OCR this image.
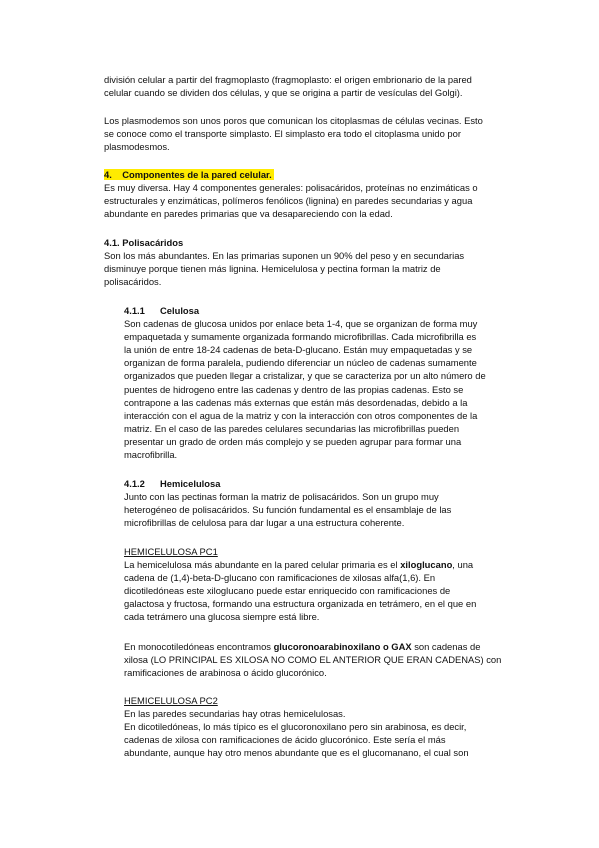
división celular a partir del fragmoplasto (fragmoplasto: el origen embrionario de la pared
celular cuando se dividen dos células, y que se origina a partir de vesículas del Golgi).
Los plasmodemos son unos poros que comunican los citoplasmas de células vecinas. Esto
se conoce como el transporte simplasto. El simplasto era todo el citoplasma unido por
plasmodesmos.
4. Componentes de la pared celular.
Es muy diversa. Hay 4 componentes generales: polisacáridos, proteínas no enzimáticas o
estructurales y enzimáticas, polímeros fenólicos (lignina) en paredes secundarias y agua
abundante en paredes primarias que va desapareciendo con la edad.
4.1. Polisacáridos
Son los más abundantes. En las primarias suponen un 90% del peso y en secundarias
disminuye porque tienen más lignina. Hemicelulosa y pectina forman la matriz de
polisacáridos.
4.1.1 Celulosa
Son cadenas de glucosa unidos por enlace beta 1-4, que se organizan de forma muy
empaquetada y sumamente organizada formando microfibrillas. Cada microfibrilla es
la unión de entre 18-24 cadenas de beta-D-glucano. Están muy empaquetadas y se
organizan de forma paralela, pudiendo diferenciar un núcleo de cadenas sumamente
organizados que pueden llegar a cristalizar, y que se caracteriza por un alto número de
puentes de hidrogeno entre las cadenas y dentro de las propias cadenas. Esto se
contrapone a las cadenas más externas que están más desordenadas, debido a la
interacción con el agua de la matriz y con la interacción con otros componentes de la
matriz. En el caso de las paredes celulares secundarias las microfibrillas pueden
presentar un grado de orden más complejo y se pueden agrupar para formar una
macrofibrilla.
4.1.2 Hemicelulosa
Junto con las pectinas forman la matriz de polisacáridos. Son un grupo muy
heterogéneo de polisacáridos. Su función fundamental es el ensamblaje de las
microfibrillas de celulosa para dar lugar a una estructura coherente.
HEMICELULOSA PC1
La hemicelulosa más abundante en la pared celular primaria es el xiloglucano, una
cadena de (1,4)-beta-D-glucano con ramificaciones de xilosas alfa(1,6). En
dicotiledóneas este xiloglucano puede estar enriquecido con ramificaciones de
galactosa y fructosa, formando una estructura organizada en tetrámero, en el que en
cada tetrámero una glucosa siempre está libre.
En monocotiledóneas encontramos glucoronoarabinoxilano o GAX son cadenas de
xilosa (LO PRINCIPAL ES XILOSA NO COMO EL ANTERIOR QUE ERAN CADENAS) con
ramificaciones de arabinosa o ácido glucorónico.
HEMICELULOSA PC2
En las paredes secundarias hay otras hemicelulosas.
En dicotiledóneas, lo más típico es el glucoronoxilano pero sin arabinosa, es decir,
cadenas de xilosa con ramificaciones de ácido glucorónico. Este sería el más
abundante, aunque hay otro menos abundante que es el glucomanano, el cual son
